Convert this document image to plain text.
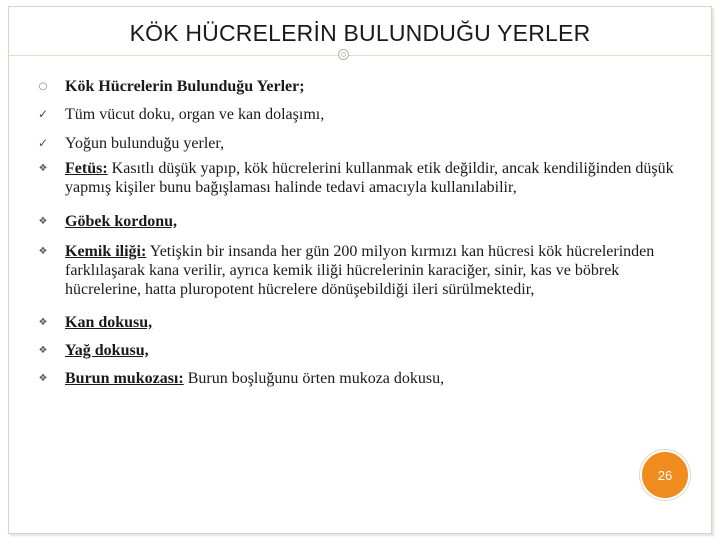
KÖK HÜCRELERİN BULUNDUĞU YERLER
○ Kök Hücrelerin Bulunduğu Yerler;
✓ Tüm vücut doku, organ ve kan dolaşımı,
✓ Yoğun bulunduğu yerler,
❖ Fetüs: Kasıtlı düşük yapıp, kök hücrelerini kullanmak etik değildir, ancak kendiliğinden düşük yapmış kişiler bunu bağışlaması halinde tedavi amacıyla kullanılabilir,
❖ Göbek kordonu,
❖ Kemik iliği: Yetişkin bir insanda her gün 200 milyon kırmızı kan hücresi kök hücrelerinden farklılaşarak kana verilir, ayrıca kemik iliği hücrelerinin karaciğer, sinir, kas ve böbrek hücrelerine, hatta pluropotent hücrelere dönüşebildiği ileri sürülmektedir,
❖ Kan dokusu,
❖ Yağ dokusu,
❖ Burun mukozası: Burun boşluğunu örten mukoza dokusu,
26
